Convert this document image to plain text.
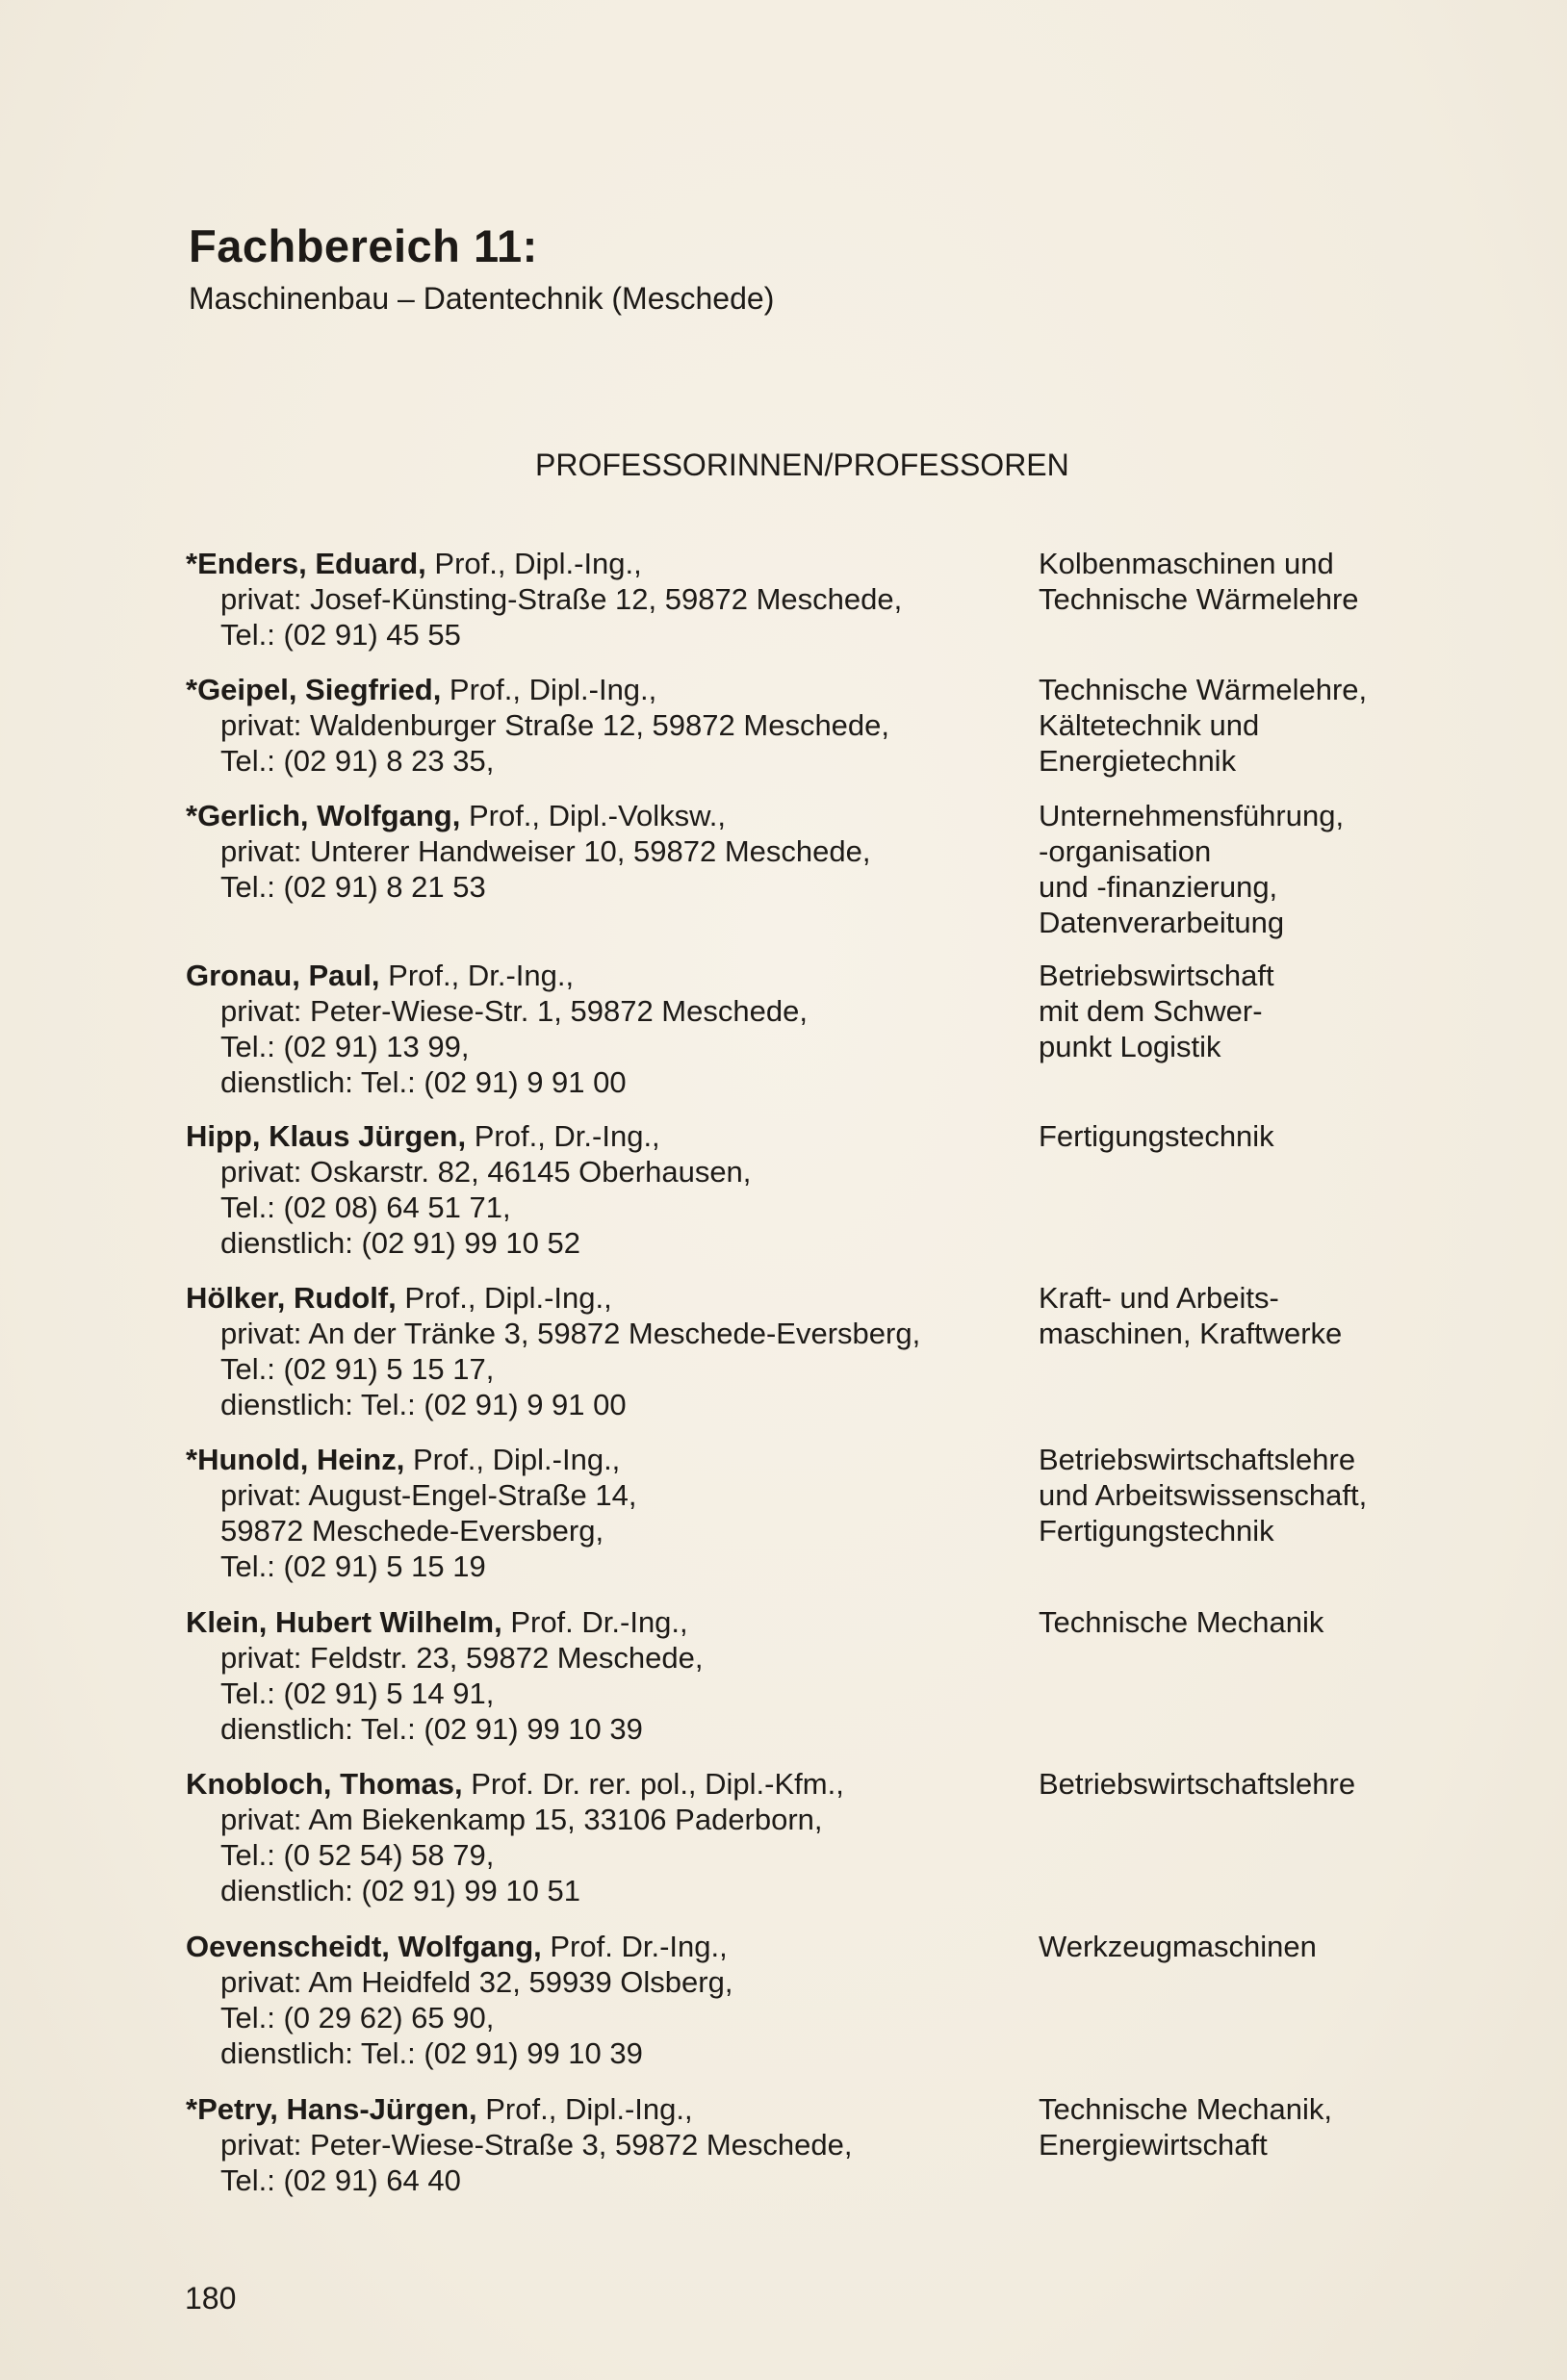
Fachbereich 11:

Maschinenbau – Datentechnik (Meschede)

PROFESSORINNEN/PROFESSOREN

*Enders, Eduard, Prof., Dipl.-Ing.,
privat: Josef-Künsting-Straße 12, 59872 Meschede,
Tel.: (02 91) 45 55
Kolbenmaschinen und
Technische Wärmelehre
*Geipel, Siegfried, Prof., Dipl.-Ing.,
privat: Waldenburger Straße 12, 59872 Meschede,
Tel.: (02 91) 8 23 35,
Technische Wärmelehre,
Kältetechnik und
Energietechnik
*Gerlich, Wolfgang, Prof., Dipl.-Volksw.,
privat: Unterer Handweiser 10, 59872 Meschede,
Tel.: (02 91) 8 21 53
Unternehmensführung,
-organisation
und -finanzierung,
Datenverarbeitung
Gronau, Paul, Prof., Dr.-Ing.,
privat: Peter-Wiese-Str. 1, 59872 Meschede,
Tel.: (02 91) 13 99,
dienstlich: Tel.: (02 91) 9 91 00
Betriebswirtschaft
mit dem Schwer-
punkt Logistik
Hipp, Klaus Jürgen, Prof., Dr.-Ing.,
privat: Oskarstr. 82, 46145 Oberhausen,
Tel.: (02 08) 64 51 71,
dienstlich: (02 91) 99 10 52
Fertigungstechnik
Hölker, Rudolf, Prof., Dipl.-Ing.,
privat: An der Tränke 3, 59872 Meschede-Eversberg,
Tel.: (02 91) 5 15 17,
dienstlich: Tel.: (02 91) 9 91 00
Kraft- und Arbeits-
maschinen, Kraftwerke
*Hunold, Heinz, Prof., Dipl.-Ing.,
privat: August-Engel-Straße 14,
59872 Meschede-Eversberg,
Tel.: (02 91) 5 15 19
Betriebswirtschaftslehre
und Arbeitswissenschaft,
Fertigungstechnik
Klein, Hubert Wilhelm, Prof. Dr.-Ing.,
privat: Feldstr. 23, 59872 Meschede,
Tel.: (02 91) 5 14 91,
dienstlich: Tel.: (02 91) 99 10 39
Technische Mechanik
Knobloch, Thomas, Prof. Dr. rer. pol., Dipl.-Kfm.,
privat: Am Biekenkamp 15, 33106 Paderborn,
Tel.: (0 52 54) 58 79,
dienstlich: (02 91) 99 10 51
Betriebswirtschaftslehre
Oevenscheidt, Wolfgang, Prof. Dr.-Ing.,
privat: Am Heidfeld 32, 59939 Olsberg,
Tel.: (0 29 62) 65 90,
dienstlich: Tel.: (02 91) 99 10 39
Werkzeugmaschinen
*Petry, Hans-Jürgen, Prof., Dipl.-Ing.,
privat: Peter-Wiese-Straße 3, 59872 Meschede,
Tel.: (02 91) 64 40
Technische Mechanik,
Energiewirtschaft

180
